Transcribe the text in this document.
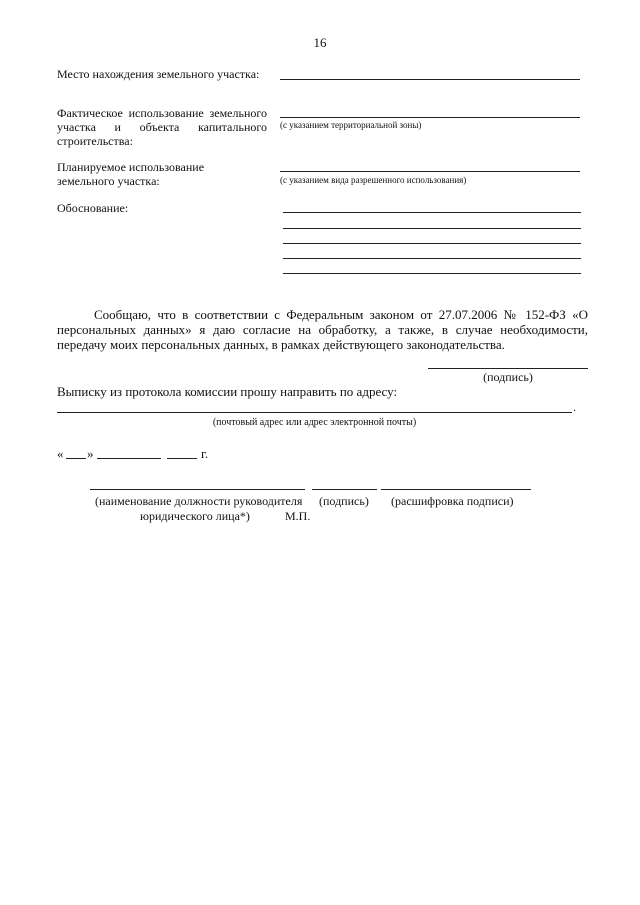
16
Место нахождения земельного участка:
Фактическое использование земельного
участка и объекта капитального
строительства:
(с указанием территориальной зоны)
Планируемое использование
земельного участка:	(с указанием вида разрешенного использования)
Обоснование:
Сообщаю, что в соответствии с Федеральным законом от 27.07.2006 № 152-ФЗ «О
персональных данных» я даю согласие на обработку, а также, в случае необходимости,
передачу моих персональных данных, в рамках действующего законодательства.
(подпись)
Выписку из протокола комиссии прошу направить по адресу:
.
(почтовый адрес или адрес электронной почты)
« »	г.
(наименование должности руководителя (подпись) (расшифровка подписи)
юридического лица*)	М.П.
